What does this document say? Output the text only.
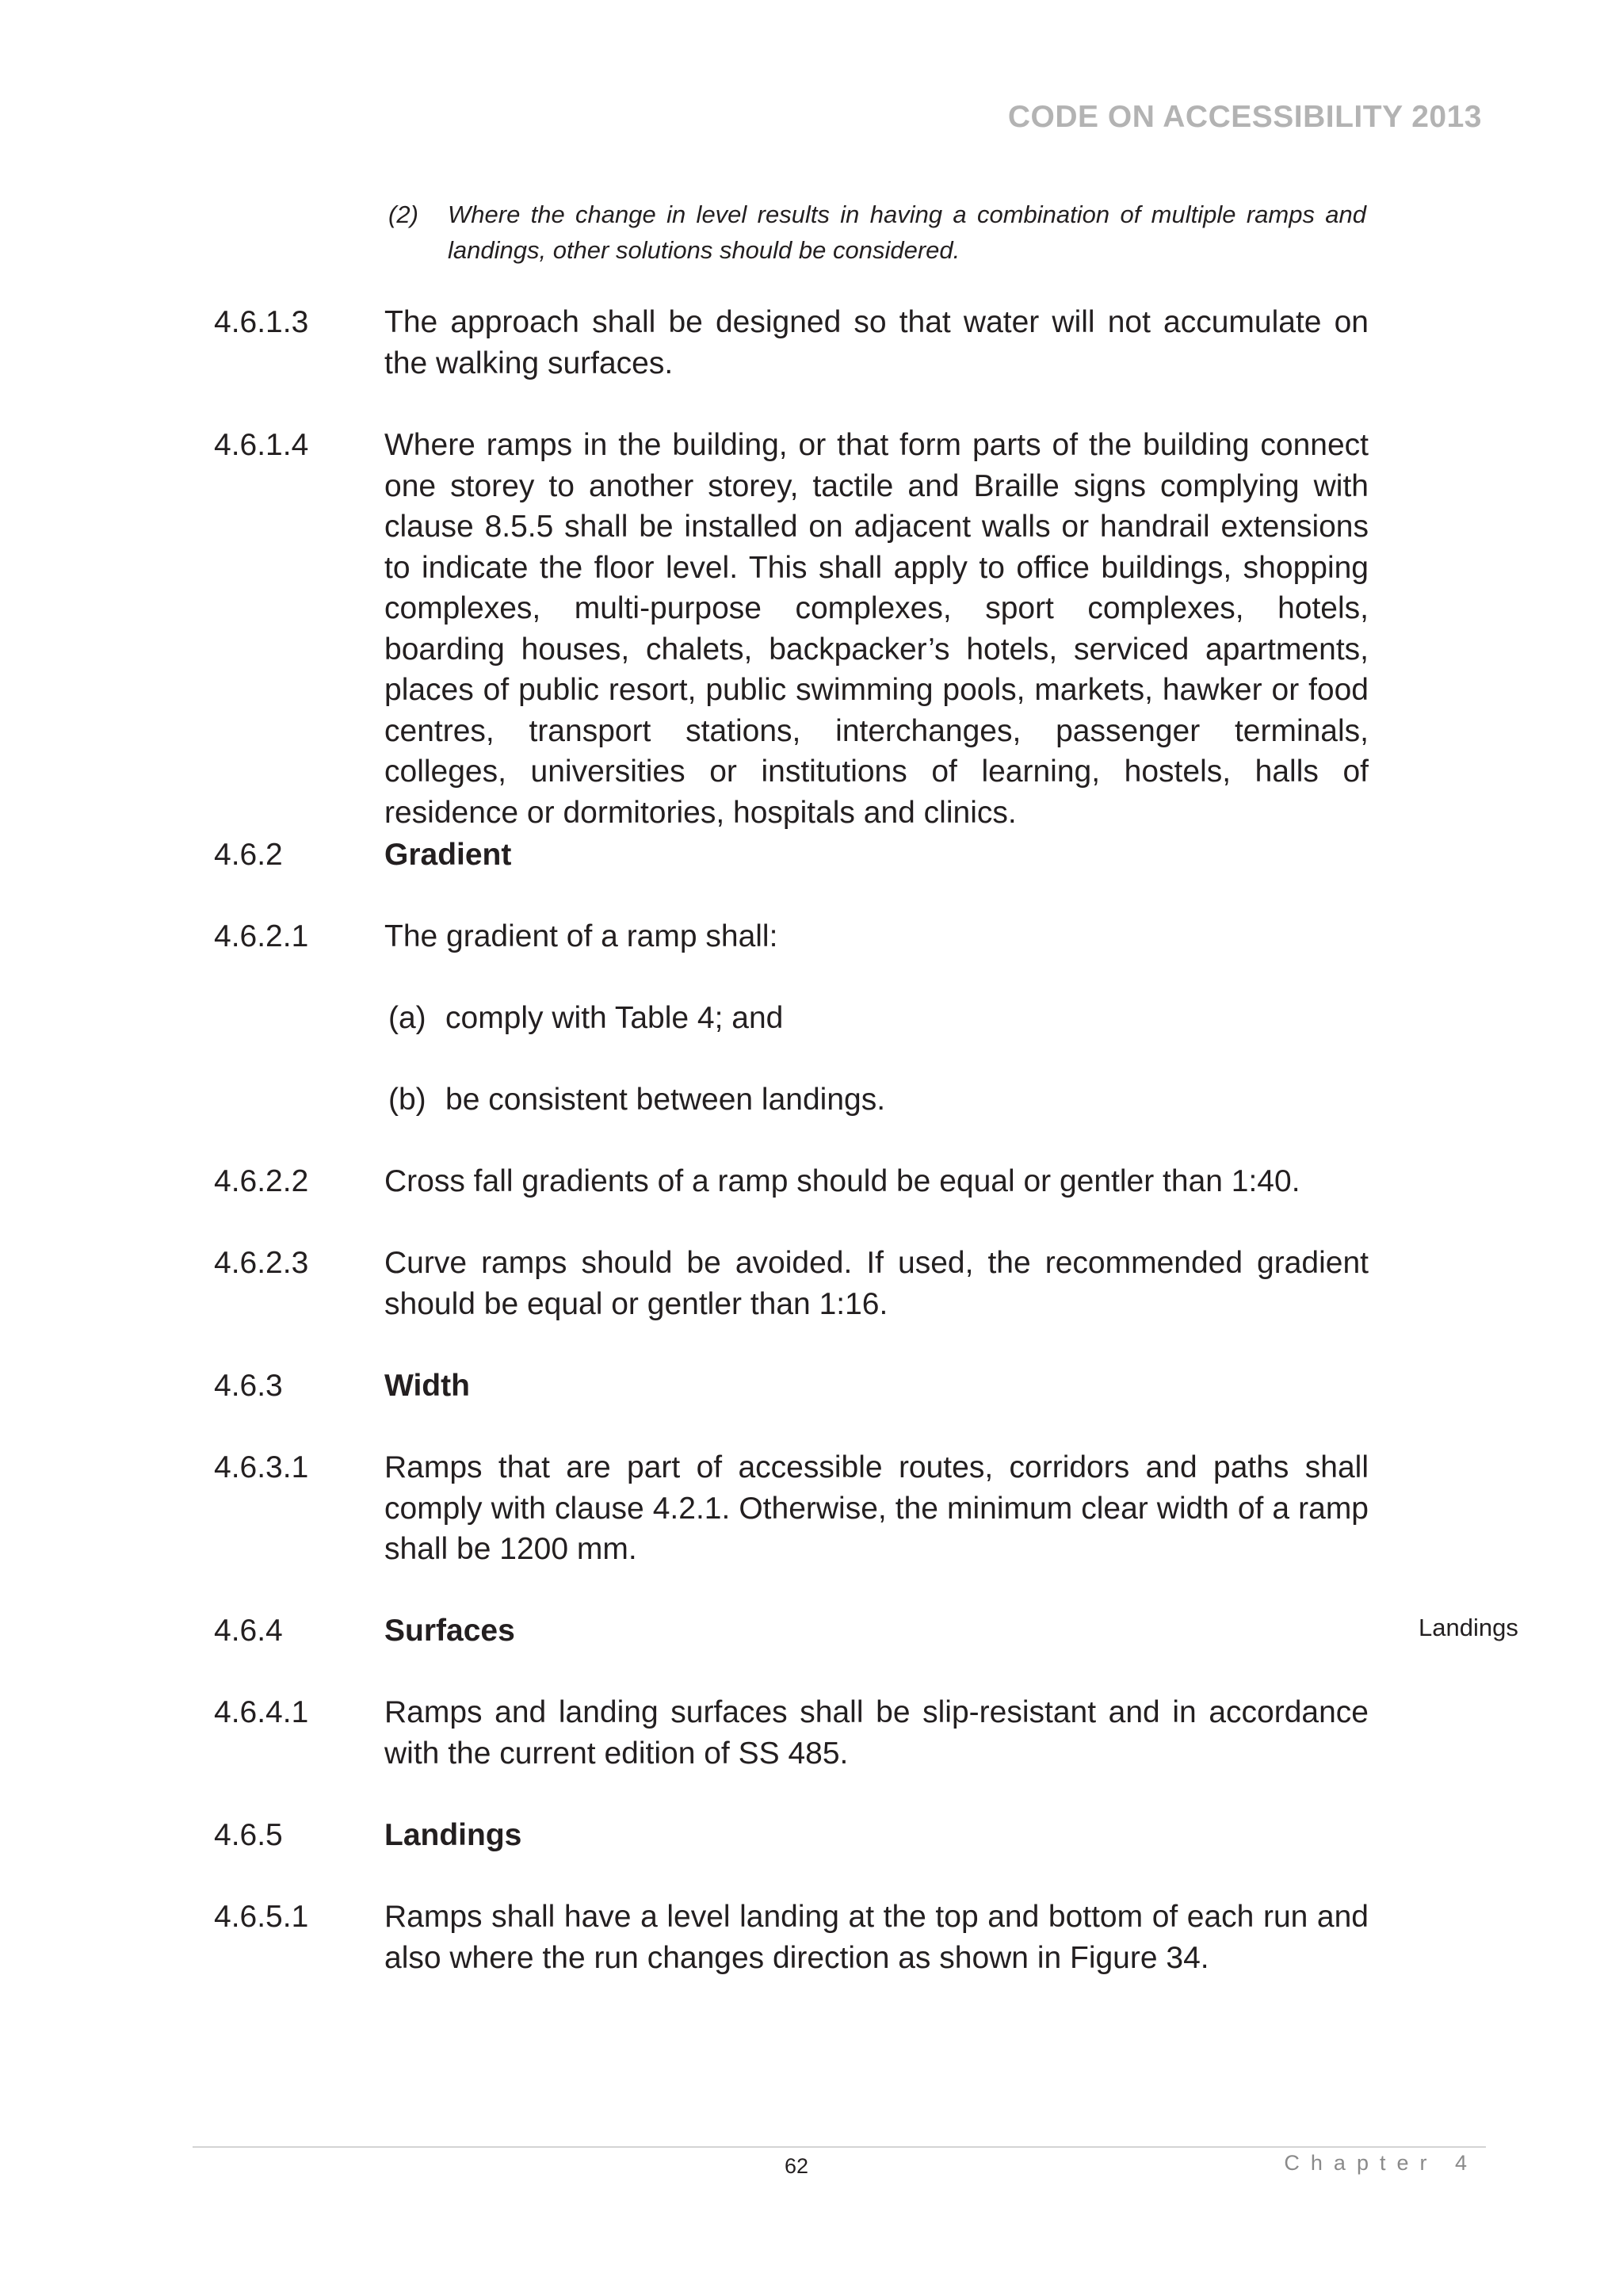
CODE ON ACCESSIBILITY 2013
(2) Where the change in level results in having a combination of multiple ramps and landings, other solutions should be considered.
4.6.1.3 The approach shall be designed so that water will not accumulate on the walking surfaces.
4.6.1.4 Where ramps in the building, or that form parts of the building connect one storey to another storey, tactile and Braille signs complying with clause 8.5.5 shall be installed on adjacent walls or handrail extensions to indicate the floor level. This shall apply to office buildings, shopping complexes, multi-purpose complexes, sport complexes, hotels, boarding houses, chalets, backpacker’s hotels, serviced apartments, places of public resort, public swimming pools, markets, hawker or food centres, transport stations, interchanges, passenger terminals, colleges, universities or institutions of learning, hostels, halls of residence or dormitories, hospitals and clinics.
4.6.2	Gradient
4.6.2.1 The gradient of a ramp shall:
(a) comply with Table 4; and
(b) be consistent between landings.
4.6.2.2 Cross fall gradients of a ramp should be equal or gentler than 1:40.
4.6.2.3 Curve ramps should be avoided. If used, the recommended gradient should be equal or gentler than 1:16.
4.6.3	Width
4.6.3.1 Ramps that are part of accessible routes, corridors and paths shall comply with clause 4.2.1. Otherwise, the minimum clear width of a ramp shall be 1200 mm.
4.6.4	Surfaces	Landings
4.6.4.1 Ramps and landing surfaces shall be slip-resistant and in accordance with the current edition of SS 485.
4.6.5	Landings
4.6.5.1 Ramps shall have a level landing at the top and bottom of each run and also where the run changes direction as shown in Figure 34.
62	Chapter 4
